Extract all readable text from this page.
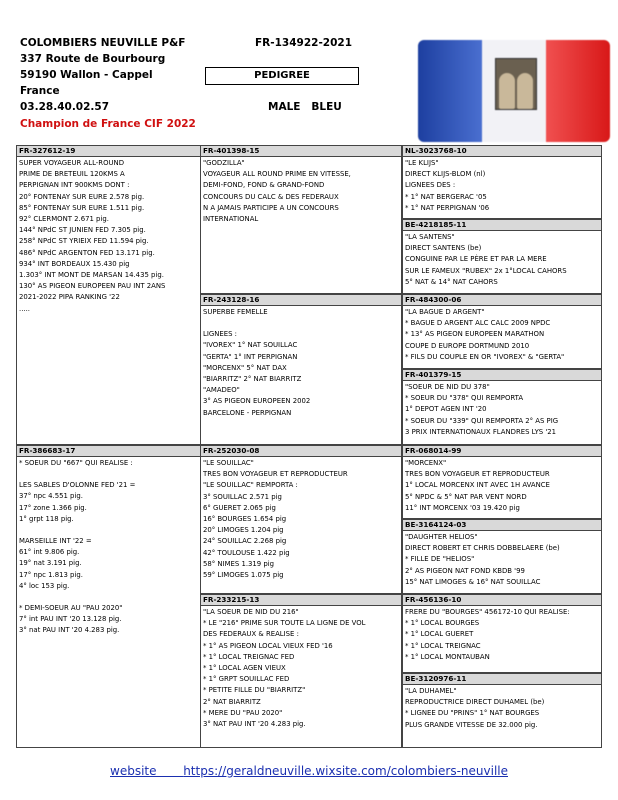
COLOMBIERS NEUVILLE P&F
337 Route de Bourbourg
59190 Wallon - Cappel
France
03.28.40.02.57
Champion de France CIF 2022
FR-134922-2021
PEDIGREE
MALE   BLEU
FR-327612-19
SUPER VOYAGEUR ALL-ROUND
PRIME DE BRETEUIL 120KMS A
PERPIGNAN INT 900KMS DONT :
20° FONTENAY SUR EURE 2.578 pig.
85° FONTENAY SUR EURE 1.511 pig.
92° CLERMONT 2.671 pig.
144° NPdC ST JUNIEN FED 7.305 pig.
258° NPdC ST YRIEIX FED 11.594 pig.
486° NPdC ARGENTON FED 13.171 pig.
934° INT BORDEAUX 15.430 pig
1.303° INT MONT DE MARSAN 14.435 pig.
130° AS PIGEON EUROPEEN PAU INT 2ANS
2021-2022 PIPA RANKING '22
.....
FR-401398-15
"GODZILLA"
VOYAGEUR ALL ROUND PRIME EN VITESSE,
DEMI-FOND, FOND & GRAND-FOND
CONCOURS DU CALC & DES FEDERAUX
N A JAMAIS PARTICIPE A UN CONCOURS
INTERNATIONAL
FR-243128-16
SUPERBE FEMELLE
LIGNEES :
"IVOREX" 1° NAT SOUILLAC
"GERTA" 1° INT PERPIGNAN
"MORCENX" 5° NAT DAX
"BIARRITZ" 2° NAT BIARRITZ
"AMADEO"
3° AS PIGEON EUROPEEN 2002
BARCELONE - PERPIGNAN
NL-3023768-10
"LE KLIJS"
DIRECT KLIJS-BLOM (nl)
LIGNEES DES :
* 1° NAT BERGERAC '05
* 1° NAT PERPIGNAN '06
BE-4218185-11
"LA SANTENS"
DIRECT SANTENS (be)
CONGUINE PAR LE PÈRE ET PAR LA MERE
SUR LE FAMEUX "RUBEX" 2x 1°LOCAL CAHORS
5° NAT & 14° NAT CAHORS
FR-484300-06
"LA BAGUE D ARGENT"
* BAGUE D ARGENT ALC CALC 2009 NPDC
* 13° AS PIGEON EUROPEEN MARATHON
COUPE D EUROPE DORTMUND 2010
* FILS DU COUPLE EN OR "IVOREX" & "GERTA"
FR-401379-15
"SOEUR DE NID DU 378"
* SOEUR DU "378" QUI REMPORTA
1° DEPOT AGEN INT '20
* SOEUR DU "339" QUI REMPORTA 2° AS PIG
3 PRIX INTERNATIONAUX FLANDRES LYS '21
FR-386683-17
* SOEUR DU "667" QUI REALISE :
LES SABLES D'OLONNE FED '21 =
37° npc 4.551 pig.
17° zone 1.366 pig.
1° grpt 118 pig.
MARSEILLE INT '22 =
61° int 9.806 pig.
19° nat 3.191 pig.
17° npc 1.813 pig.
4° loc 153 pig.
* DEMI-SOEUR AU "PAU 2020"
7° int PAU INT '20 13.128 pig.
3° nat PAU INT '20 4.283 pig.
FR-252030-08
"LE SOUILLAC"
TRES BON VOYAGEUR ET REPRODUCTEUR
"LE SOUILLAC" REMPORTA :
3° SOUILLAC 2.571 pig
6° GUERET 2.065 pig
16° BOURGES 1.654 pig
20° LIMOGES 1.204 pig
24° SOUILLAC 2.268 pig
42° TOULOUSE 1.422 pig
58° NIMES 1.319 pig
59° LIMOGES 1.075 pig
FR-233215-13
"LA SOEUR DE NID DU 216"
* LE "216" PRIME SUR TOUTE LA LIGNE DE VOL
DES FEDERAUX & REALISE :
* 1° AS PIGEON LOCAL VIEUX FED '16
* 1° LOCAL TREIGNAC FED
* 1° LOCAL AGEN VIEUX
* 1° GRPT SOUILLAC FED
* PETITE FILLE DU "BIARRITZ"
2° NAT BIARRITZ
* MERE DU "PAU 2020"
3° NAT PAU INT '20 4.283 pig.
FR-068014-99
"MORCENX"
TRES BON VOYAGEUR ET REPRODUCTEUR
1° LOCAL MORCENX INT AVEC 1H AVANCE
5° NPDC & 5° NAT PAR VENT NORD
11° INT MORCENX '03 19.420 pig
BE-3164124-03
"DAUGHTER HELIOS"
DIRECT ROBERT ET CHRIS DOBBELAERE (be)
* FILLE DE "HELIOS"
2° AS PIGEON NAT FOND KBDB '99
15° NAT LIMOGES & 16° NAT SOUILLAC
FR-456136-10
FRERE DU "BOURGES" 456172-10 QUI REALISE:
* 1° LOCAL BOURGES
* 1° LOCAL GUERET
* 1° LOCAL TREIGNAC
* 1° LOCAL MONTAUBAN
BE-3120976-11
"LA DUHAMEL"
REPRODUCTRICE DIRECT DUHAMEL (be)
* LIGNEE DU "PRINS" 1° NAT BOURGES
PLUS GRANDE VITESSE DE 32.000 pig.
website https://geraldneuville.wixsite.com/colombiers-neuville
